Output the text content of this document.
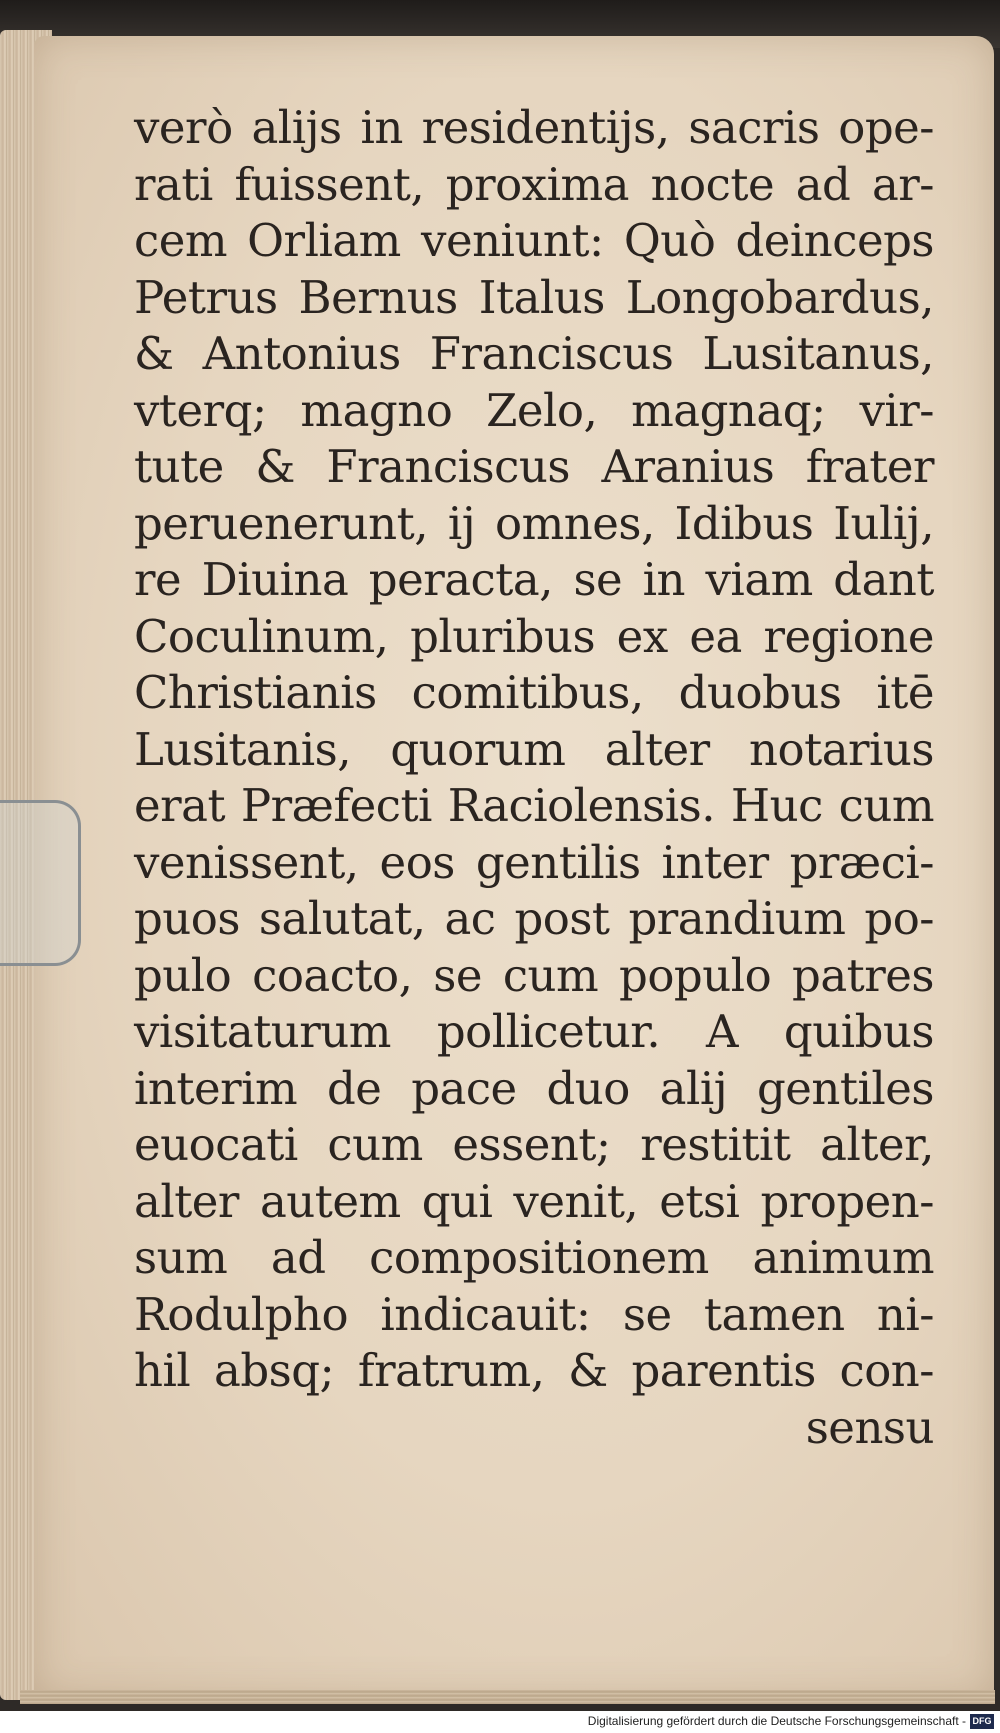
verò alijs in residentijs, sacris ope-
rati fuissent, proxima nocte ad ar-
cem Orliam veniunt: Quò deinceps
Petrus Bernus Italus Longobardus,
& Antonius Franciscus Lusitanus,
vterq; magno Zelo, magnaq; vir-
tute & Franciscus Aranius frater
peruenerunt, ij omnes, Idibus Iulij,
re Diuina peracta, se in viam dant
Coculinum, pluribus ex ea regione
Christianis comitibus, duobus itē
Lusitanis, quorum alter notarius
erat Præfecti Raciolensis. Huc cum
venissent, eos gentilis inter præci-
puos salutat, ac post prandium po-
pulo coacto, se cum populo patres
visitaturum pollicetur. A quibus
interim de pace duo alij gentiles
euocati cum essent; restitit alter,
alter autem qui venit, etsi propen-
sum ad compositionem animum
Rodulpho indicauit: se tamen ni-
hil absq; fratrum, & parentis con-
sensu
Digitalisierung gefördert durch die Deutsche Forschungsgemeinschaft - DFG
